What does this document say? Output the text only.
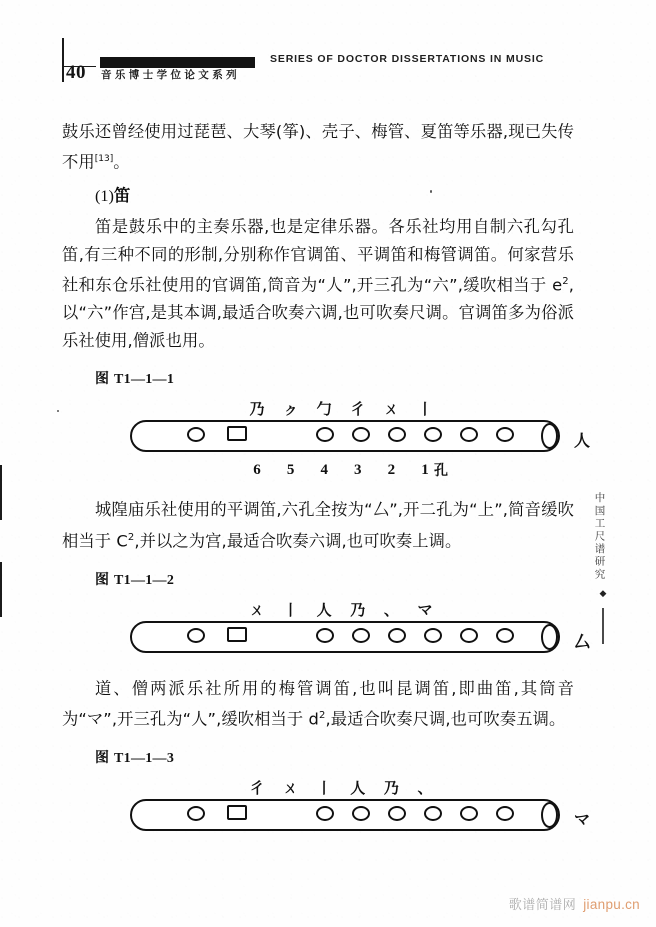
40 音乐博士学位论文系列
SERIES OF DOCTOR DISSERTATIONS IN MUSIC

鼓乐还曾经使用过琵琶、大琴(筝)、壳子、梅管、夏笛等乐器,现已失传不用[13]。

(1)笛

笛是鼓乐中的主奏乐器,也是定律乐器。各乐社均用自制六孔勾孔笛,有三种不同的形制,分别称作官调笛、平调笛和梅管调笛。何家营乐社和东仓乐社使用的官调笛,筒音为“人”,开三孔为“六”,缓吹相当于 $e^2$,以“六”作宫,是其本调,最适合吹奏六调,也可吹奏尺调。官调笛多为俗派乐社使用,僧派也用。

图 T1—1—1
乃 ㇰ 勹 彳 ㄨ 丨
人
6	5	4	3	2	1 孔

城隍庙乐社使用的平调笛,六孔全按为“厶”,开二孔为“上”,简音缓吹相当于 $C^2$,并以之为宫,最适合吹奏六调,也可吹奏上调。

图 T1—1—2
ㄨ 丨 人 乃 、 マ
厶

道、僧两派乐社所用的梅管调笛,也叫昆调笛,即曲笛,其筒音为“マ”,开三孔为“人”,缓吹相当于 $d^2$,最适合吹奏尺调,也可吹奏五调。

图 T1—1—3
彳 ㄨ 丨 人 乃 、
マ
中国工尺谱研究
◆
歌谱简谱网 jianpu.cn
